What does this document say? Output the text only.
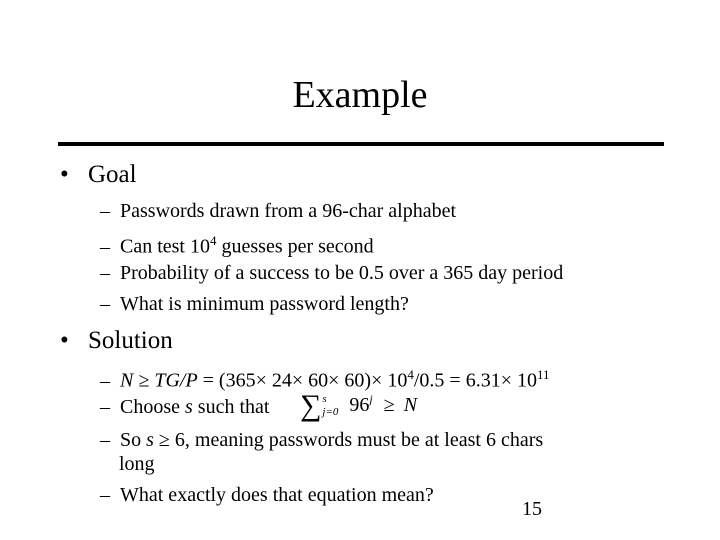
Example
• Goal
– Passwords drawn from a 96-char alphabet
– Can test $10^4$ guesses per second
– Probability of a success to be 0.5 over a 365 day period
– What is minimum password length?
• Solution
– $N \ge TG/P = (365\times 24\times 60\times 60)\times 10^4/0.5 = 6.31\times 10^{11}$
– Choose s such that ∑s
j=0 $96^j \ge N$
– So s ≥ 6, meaning passwords must be at least 6 chars
long
– What exactly does that equation mean?
15
